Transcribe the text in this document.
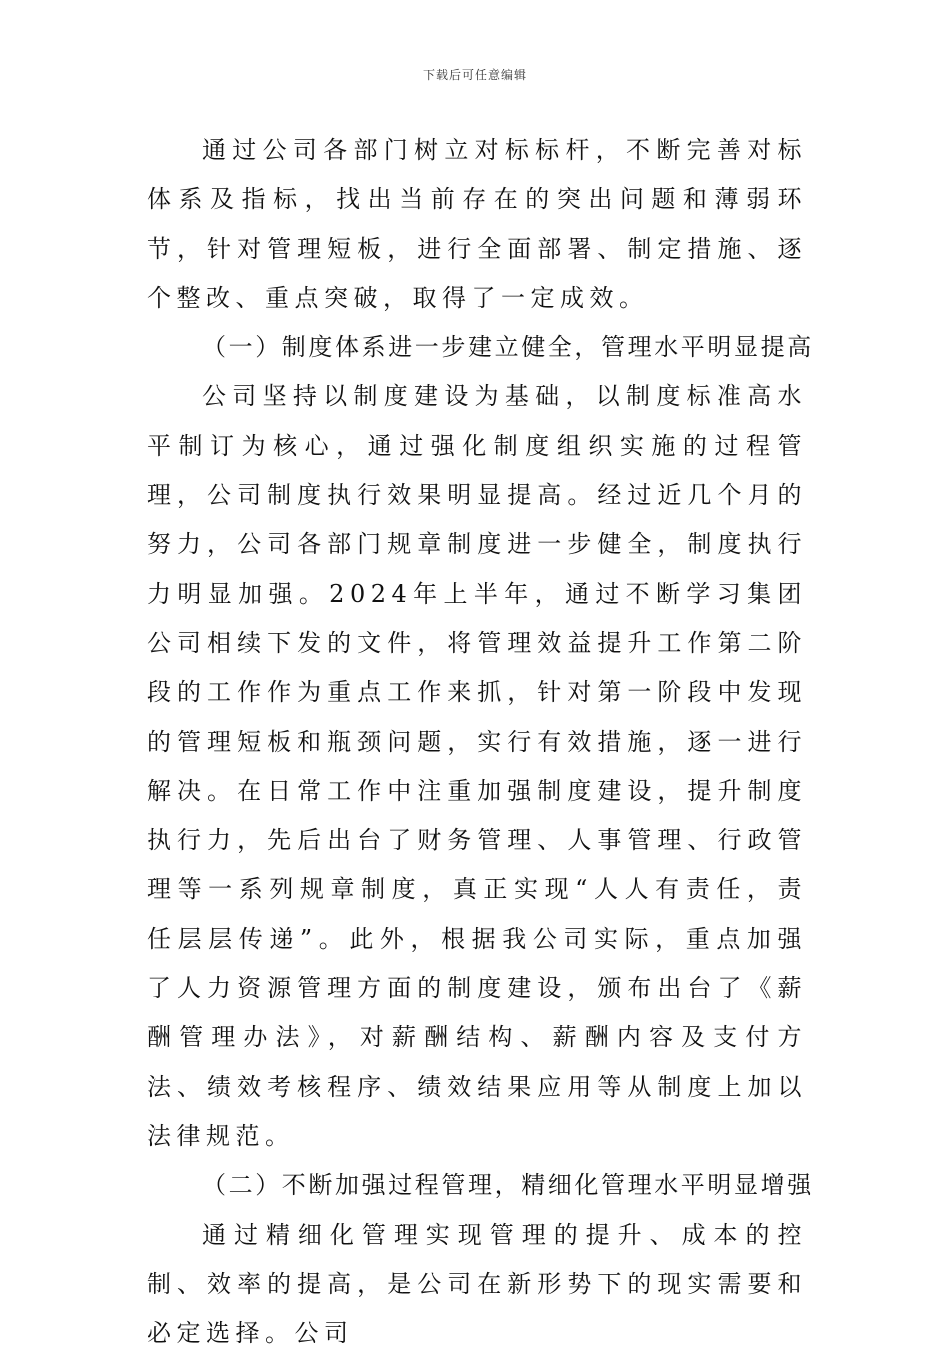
下载后可任意编辑

通过公司各部门树立对标标杆，不断完善对标体系及指标，找出当前存在的突出问题和薄弱环节，针对管理短板，进行全面部署、制定措施、逐个整改、重点突破，取得了一定成效。

（一）制度体系进一步建立健全，管理水平明显提高

公司坚持以制度建设为基础，以制度标准高水平制订为核心，通过强化制度组织实施的过程管理，公司制度执行效果明显提高。经过近几个月的努力，公司各部门规章制度进一步健全，制度执行力明显加强。2024年上半年，通过不断学习集团公司相续下发的文件，将管理效益提升工作第二阶段的工作作为重点工作来抓，针对第一阶段中发现的管理短板和瓶颈问题，实行有效措施，逐一进行解决。在日常工作中注重加强制度建设，提升制度执行力，先后出台了财务管理、人事管理、行政管理等一系列规章制度，真正实现“人人有责任，责任层层传递”。此外，根据我公司实际，重点加强了人力资源管理方面的制度建设，颁布出台了《薪酬管理办法》，对薪酬结构、薪酬内容及支付方法、绩效考核程序、绩效结果应用等从制度上加以法律规范。

（二）不断加强过程管理，精细化管理水平明显增强

通过精细化管理实现管理的提升、成本的控制、效率的提高，是公司在新形势下的现实需要和必定选择。公司
